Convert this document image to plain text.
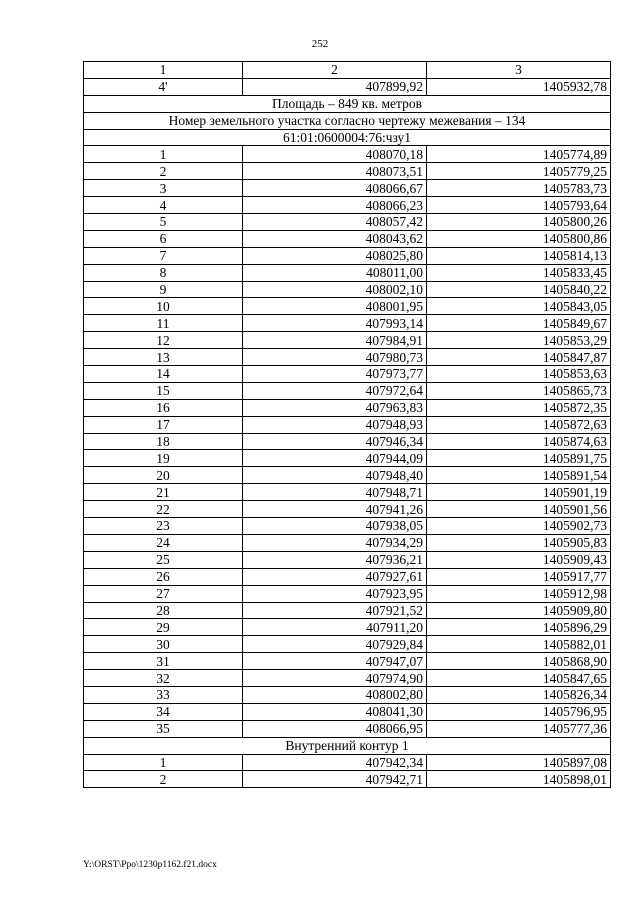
252
1	2	3
4'	407899,92	1405932,78
Площадь – 849 кв. метров		
Номер земельного участка согласно чертежу межевания – 134		
61:01:0600004:76:чзу1		
1	408070,18	1405774,89
2	408073,51	1405779,25
3	408066,67	1405783,73
4	408066,23	1405793,64
5	408057,42	1405800,26
6	408043,62	1405800,86
7	408025,80	1405814,13
8	408011,00	1405833,45
9	408002,10	1405840,22
10	408001,95	1405843,05
11	407993,14	1405849,67
12	407984,91	1405853,29
13	407980,73	1405847,87
14	407973,77	1405853,63
15	407972,64	1405865,73
16	407963,83	1405872,35
17	407948,93	1405872,63
18	407946,34	1405874,63
19	407944,09	1405891,75
20	407948,40	1405891,54
21	407948,71	1405901,19
22	407941,26	1405901,56
23	407938,05	1405902,73
24	407934,29	1405905,83
25	407936,21	1405909,43
26	407927,61	1405917,77
27	407923,95	1405912,98
28	407921,52	1405909,80
29	407911,20	1405896,29
30	407929,84	1405882,01
31	407947,07	1405868,90
32	407974,90	1405847,65
33	408002,80	1405826,34
34	408041,30	1405796,95
35	408066,95	1405777,36
Внутренний контур 1		
1	407942,34	1405897,08
2	407942,71	1405898,01
Y:\ORST\Ppo\1230p1162.f21.docx
